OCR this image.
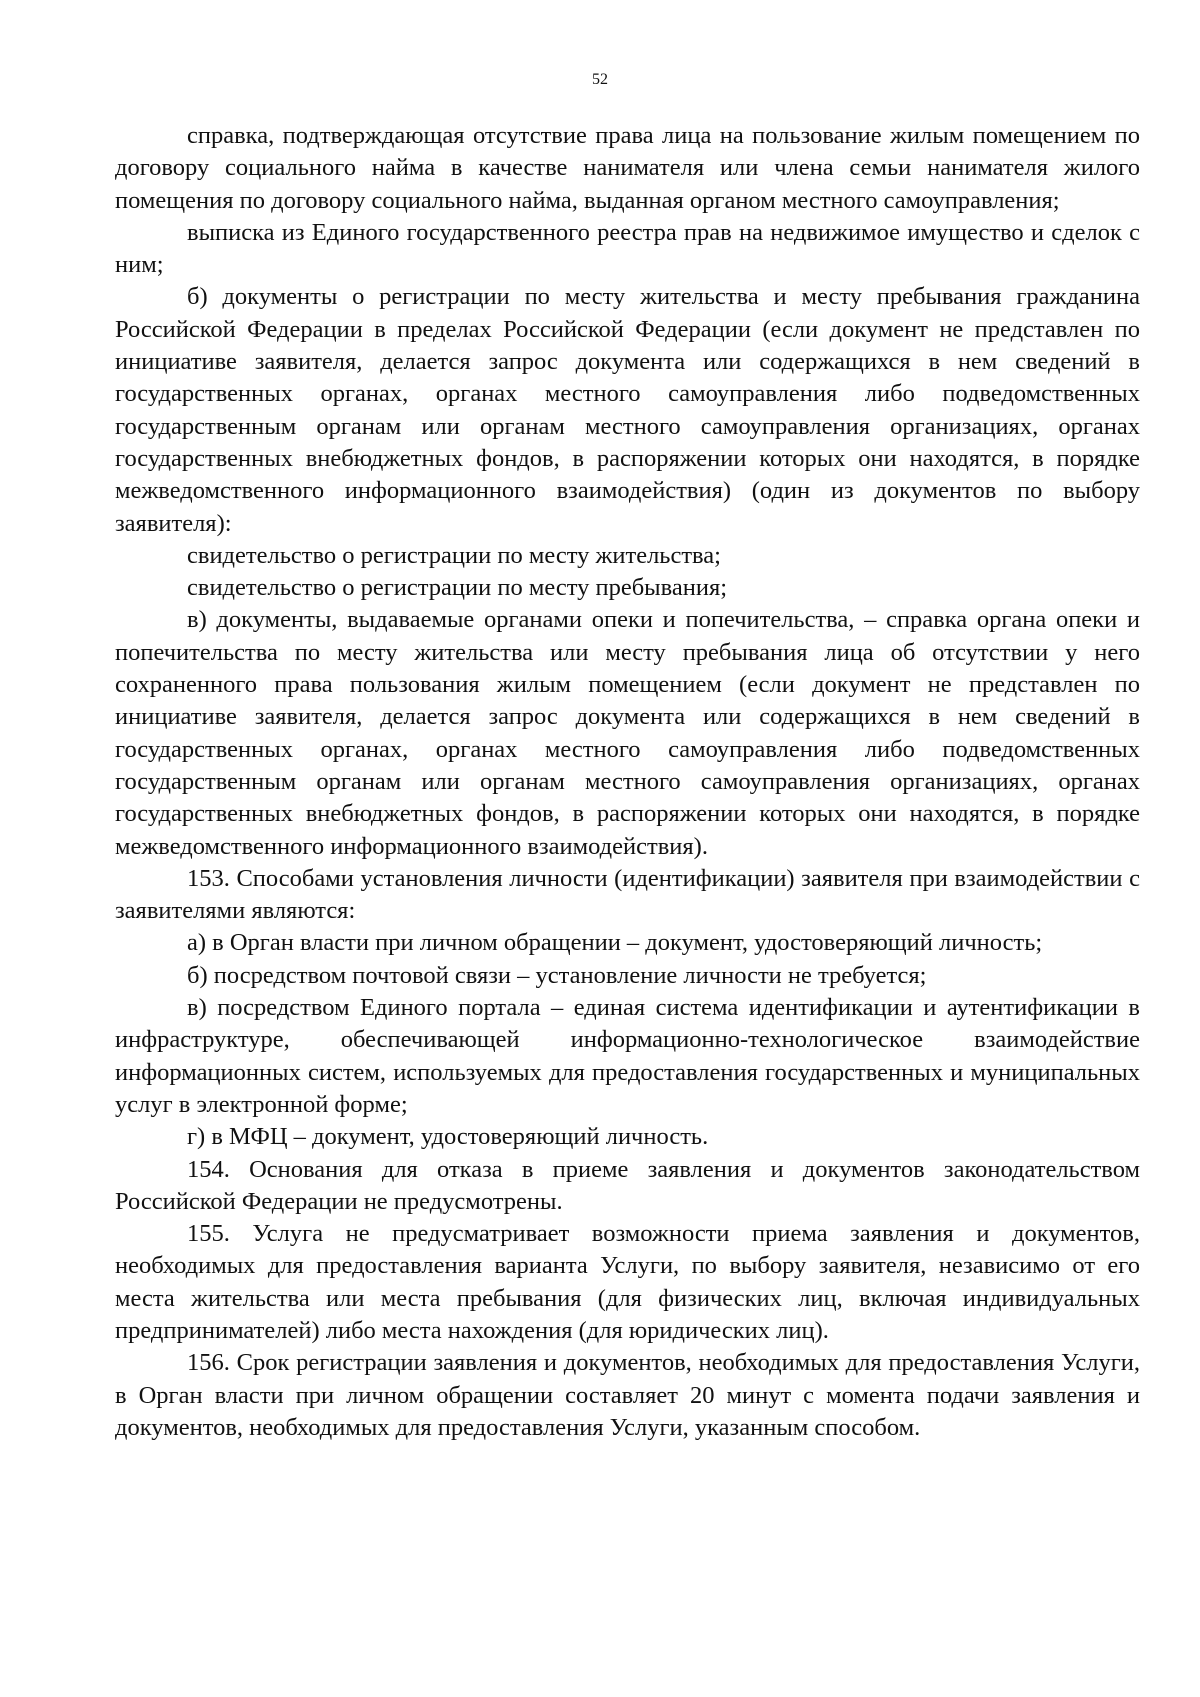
52

справка, подтверждающая отсутствие права лица на пользование жилым помещением по договору социального найма в качестве нанимателя или члена семьи нанимателя жилого помещения по договору социального найма, выданная органом местного самоуправления;

выписка из Единого государственного реестра прав на недвижимое имущество и сделок с ним;

б) документы о регистрации по месту жительства и месту пребывания гражданина Российской Федерации в пределах Российской Федерации (если документ не представлен по инициативе заявителя, делается запрос документа или содержащихся в нем сведений в государственных органах, органах местного самоуправления либо подведомственных государственным органам или органам местного самоуправления организациях, органах государственных внебюджетных фондов, в распоряжении которых они находятся, в порядке межведомственного информационного взаимодействия) (один из документов по выбору заявителя):

свидетельство о регистрации по месту жительства;

свидетельство о регистрации по месту пребывания;

в) документы, выдаваемые органами опеки и попечительства, – справка органа опеки и попечительства по месту жительства или месту пребывания лица об отсутствии у него сохраненного права пользования жилым помещением (если документ не представлен по инициативе заявителя, делается запрос документа или содержащихся в нем сведений в государственных органах, органах местного самоуправления либо подведомственных государственным органам или органам местного самоуправления организациях, органах государственных внебюджетных фондов, в распоряжении которых они находятся, в порядке межведомственного информационного взаимодействия).

153. Способами установления личности (идентификации) заявителя при взаимодействии с заявителями являются:

а) в Орган власти при личном обращении – документ, удостоверяющий личность;

б) посредством почтовой связи – установление личности не требуется;

в) посредством Единого портала – единая система идентификации и аутентификации в инфраструктуре, обеспечивающей информационно-технологическое взаимодействие информационных систем, используемых для предоставления государственных и муниципальных услуг в электронной форме;

г) в МФЦ – документ, удостоверяющий личность.

154. Основания для отказа в приеме заявления и документов законодательством Российской Федерации не предусмотрены.

155. Услуга не предусматривает возможности приема заявления и документов, необходимых для предоставления варианта Услуги, по выбору заявителя, независимо от его места жительства или места пребывания (для физических лиц, включая индивидуальных предпринимателей) либо места нахождения (для юридических лиц).

156. Срок регистрации заявления и документов, необходимых для предоставления Услуги, в Орган власти при личном обращении составляет 20 минут с момента подачи заявления и документов, необходимых для предоставления Услуги, указанным способом.
